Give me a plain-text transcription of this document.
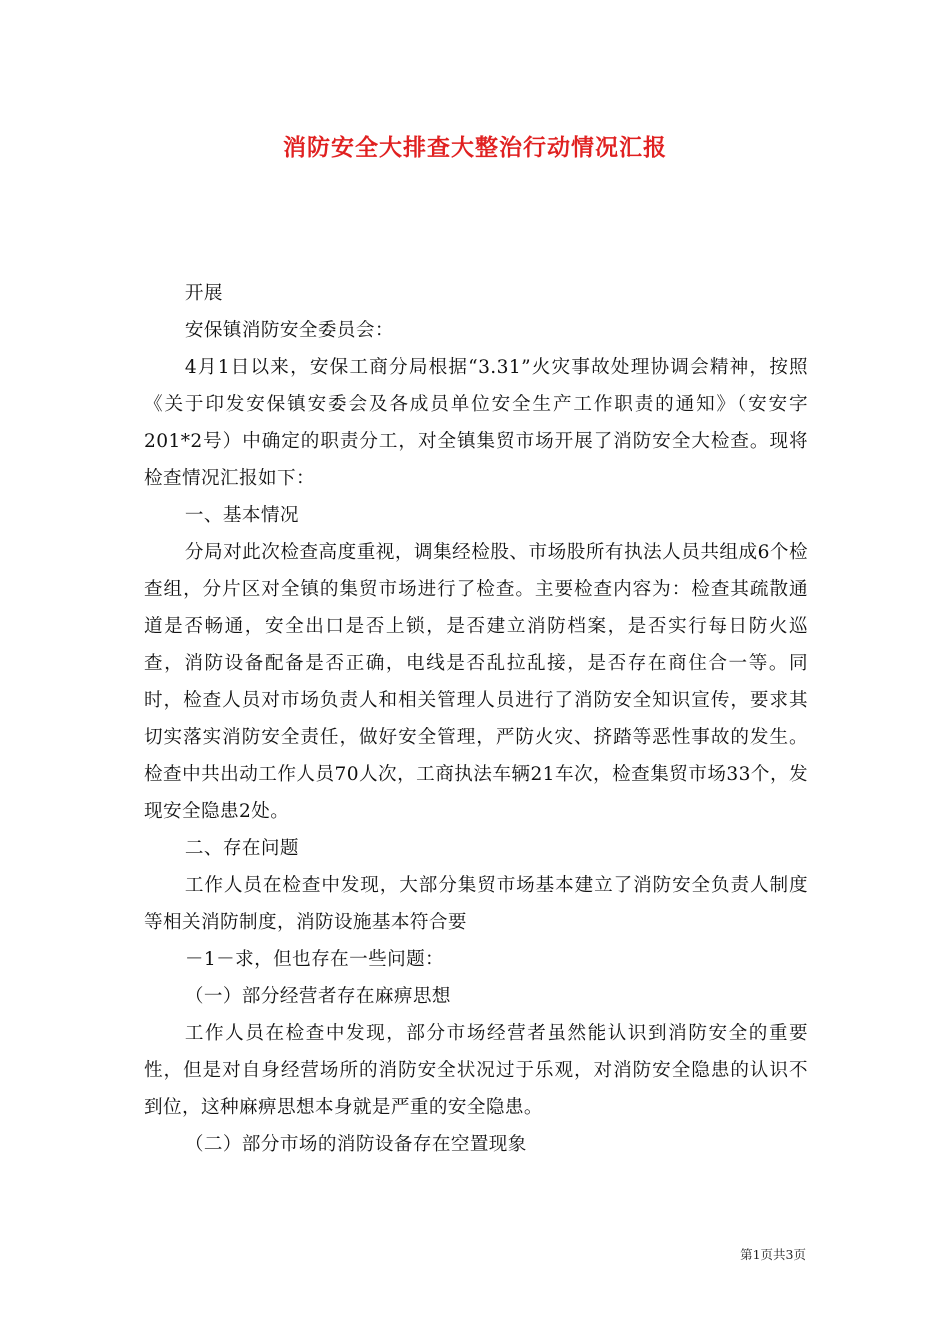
消防安全大排查大整治行动情况汇报

开展

安保镇消防安全委员会：

4月1日以来，安保工商分局根据“3.31”火灾事故处理协调会精神，按照《关于印发安保镇安委会及各成员单位安全生产工作职责的通知》（安安字201*2号）中确定的职责分工，对全镇集贸市场开展了消防安全大检查。现将检查情况汇报如下：

一、基本情况

分局对此次检查高度重视，调集经检股、市场股所有执法人员共组成6个检查组，分片区对全镇的集贸市场进行了检查。主要检查内容为：检查其疏散通道是否畅通，安全出口是否上锁，是否建立消防档案，是否实行每日防火巡查，消防设备配备是否正确，电线是否乱拉乱接，是否存在商住合一等。同时，检查人员对市场负责人和相关管理人员进行了消防安全知识宣传，要求其切实落实消防安全责任，做好安全管理，严防火灾、挤踏等恶性事故的发生。检查中共出动工作人员70人次，工商执法车辆21车次，检查集贸市场33个，发现安全隐患2处。

二、存在问题

工作人员在检查中发现，大部分集贸市场基本建立了消防安全负责人制度等相关消防制度，消防设施基本符合要

－1－求，但也存在一些问题：

（一）部分经营者存在麻痹思想

工作人员在检查中发现，部分市场经营者虽然能认识到消防安全的重要性，但是对自身经营场所的消防安全状况过于乐观，对消防安全隐患的认识不到位，这种麻痹思想本身就是严重的安全隐患。

（二）部分市场的消防设备存在空置现象

第1页共3页
